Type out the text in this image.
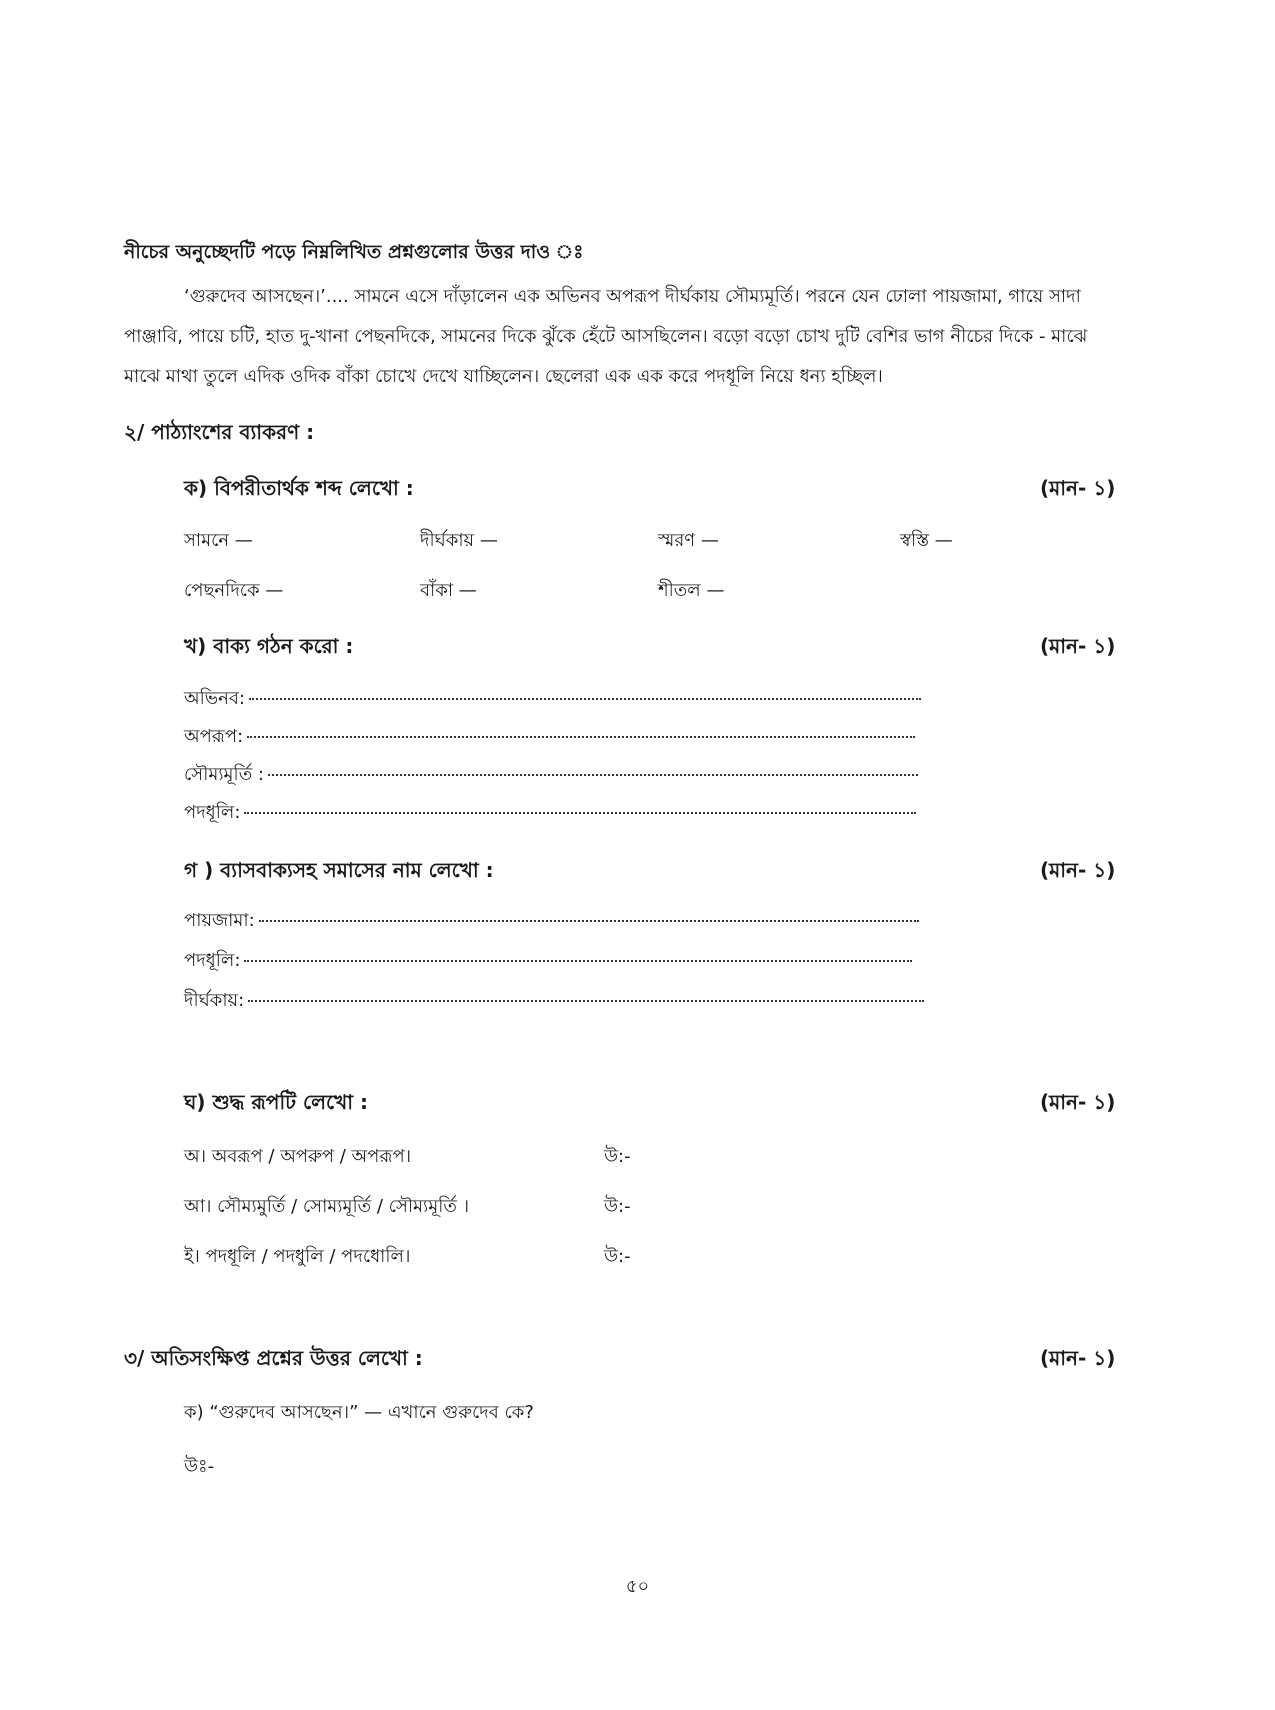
নীচের অনুচ্ছেদটি পড়ে নিম্নলিখিত প্রশ্নগুলোর উত্তর দাও ঃ
‘গুরুদেব আসছেন।’.... সামনে এসে দাঁড়ালেন এক অভিনব অপরূপ দীর্ঘকায় সৌম্যমূর্তি। পরনে যেন ঢোলা পায়জামা, গায়ে সাদা
পাঞ্জাবি, পায়ে চটি, হাত দু-খানা পেছনদিকে, সামনের দিকে ঝুঁকে হেঁটে আসছিলেন। বড়ো বড়ো চোখ দুটি বেশির ভাগ নীচের দিকে - মাঝে
মাঝে মাথা তুলে এদিক ওদিক বাঁকা চোখে দেখে যাচ্ছিলেন। ছেলেরা এক এক করে পদধূলি নিয়ে ধন্য হচ্ছিল।
২/ পাঠ্যাংশের ব্যাকরণ :
ক) বিপরীতার্থক শব্দ লেখো :	(মান- ১)
সামনে —	দীর্ঘকায় —	স্মরণ —	স্বস্তি —
পেছনদিকে —	বাঁকা —	শীতল —
খ) বাক্য গঠন করো :	(মান- ১)
অভিনব:
অপরূপ:
সৌম্যমূর্তি :
পদধূলি:
গ ) ব্যাসবাক্যসহ সমাসের নাম লেখো :	(মান- ১)
পায়জামা:
পদধূলি:
দীর্ঘকায়:
ঘ) শুদ্ধ রূপটি লেখো :	(মান- ১)
অ। অবরূপ / অপরুপ / অপরূপ।	উ:-
আ। সৌম্যমুর্তি / সোম্যমূর্তি / সৌম্যমূর্তি ।	উ:-
ই। পদধূলি / পদধুলি / পদধোলি।	উ:-
৩/ অতিসংক্ষিপ্ত প্রশ্নের উত্তর লেখো :	(মান- ১)
ক) “গুরুদেব আসছেন।” — এখানে গুরুদেব কে?
উঃ-
৫০
